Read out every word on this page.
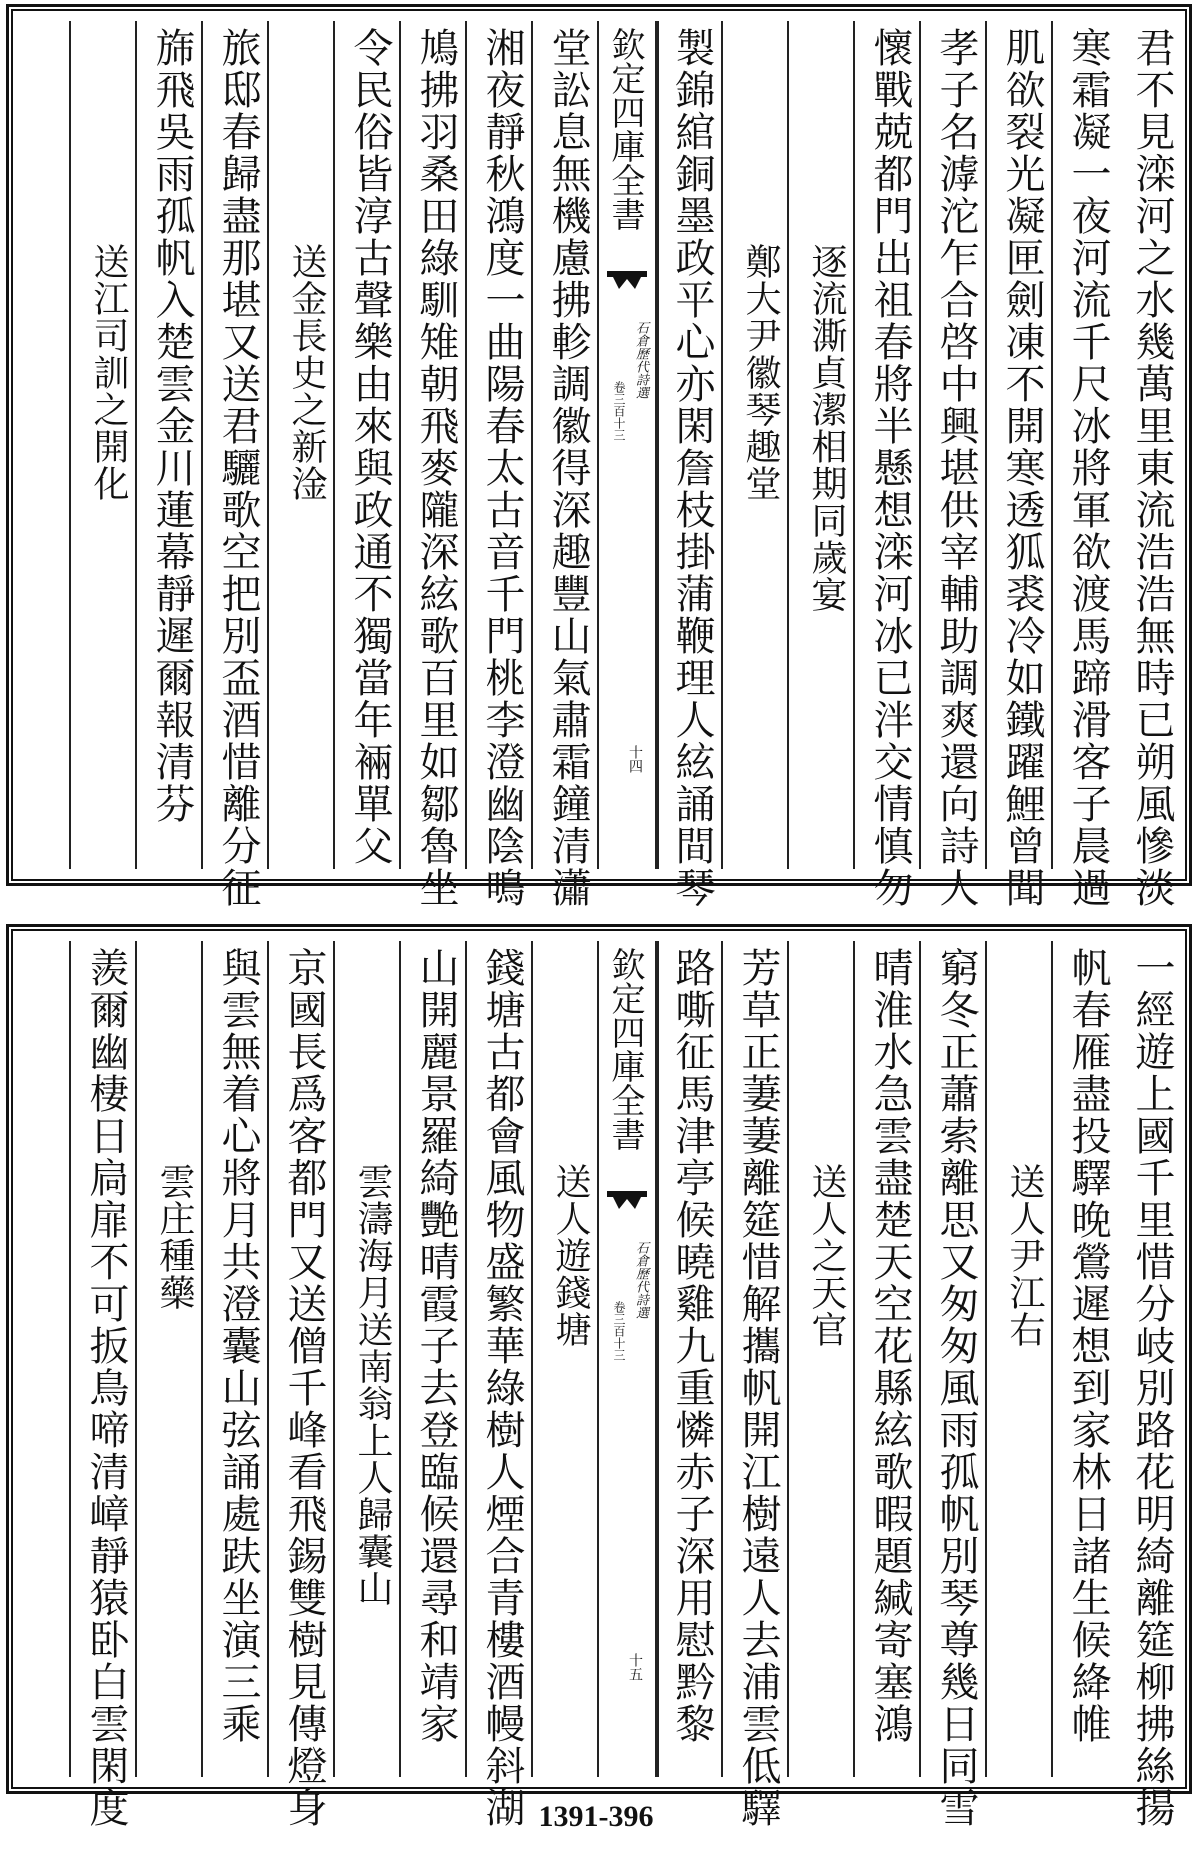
君不見滦河之水幾萬里東流浩浩無時已朔風慘淡
寒霜凝一夜河流千尺冰將軍欲渡馬蹄滑客子晨過
肌欲裂光凝匣劍凍不開寒透狐裘冷如鐵躍鯉曾聞
孝子名滹沱乍合啓中興堪供宰輔助調爽還向詩人
懷戰兢都門出祖春將半懸想滦河冰已泮交情慎勿
逐流澌貞潔相期同歲宴
鄭大尹徽琴趣堂
製錦綰銅墨政平心亦閑詹枝掛蒲鞭理人絃誦間琴
欽定四庫全書
石倉歷代詩選
卷三百十三
十四
堂訟息無機慮拂軫調徽得深趣豐山氣肅霜鐘清瀟
湘夜靜秋鴻度一曲陽春太古音千門桃李澄幽陰鳴
鳩拂羽桑田綠馴雉朝飛麥隴深絃歌百里如鄒魯坐
令民俗皆淳古聲樂由來與政通不獨當年裲單父
送金長史之新淦
旅邸春歸盡那堪又送君驪歌空把別盃酒惜離分征
旆飛吳雨孤帆入楚雲金川蓮幕靜遲爾報清芬
送江司訓之開化
一經遊上國千里惜分岐別路花明綺離筵柳拂絲揚
帆春雁盡投驛晚鶯遲想到家林日諸生候絳帷
送人尹江右
窮冬正蕭索離思又匆匆風雨孤帆別琴尊幾日同雪
晴淮水急雲盡楚天空花縣絃歌暇題緘寄塞鴻
送人之天官
芳草正萋萋離筵惜解攜帆開江樹遠人去浦雲低驛
路嘶征馬津亭候曉雞九重憐赤子深用慰黔黎
欽定四庫全書
石倉歷代詩選
卷三百十三
十五
送人遊錢塘
錢塘古都會風物盛繁華綠樹人煙合青樓酒幔斜湖
山開麗景羅綺艷晴霞子去登臨候還尋和靖家
雲濤海月送南翁上人歸囊山
京國長爲客都門又送僧千峰看飛錫雙樹見傳燈身
與雲無着心將月共澄囊山弦誦處趺坐演三乘
雲庄種藥
羨爾幽棲日扃扉不可扳鳥啼清嶂靜猿卧白雲閑度	1391-396
